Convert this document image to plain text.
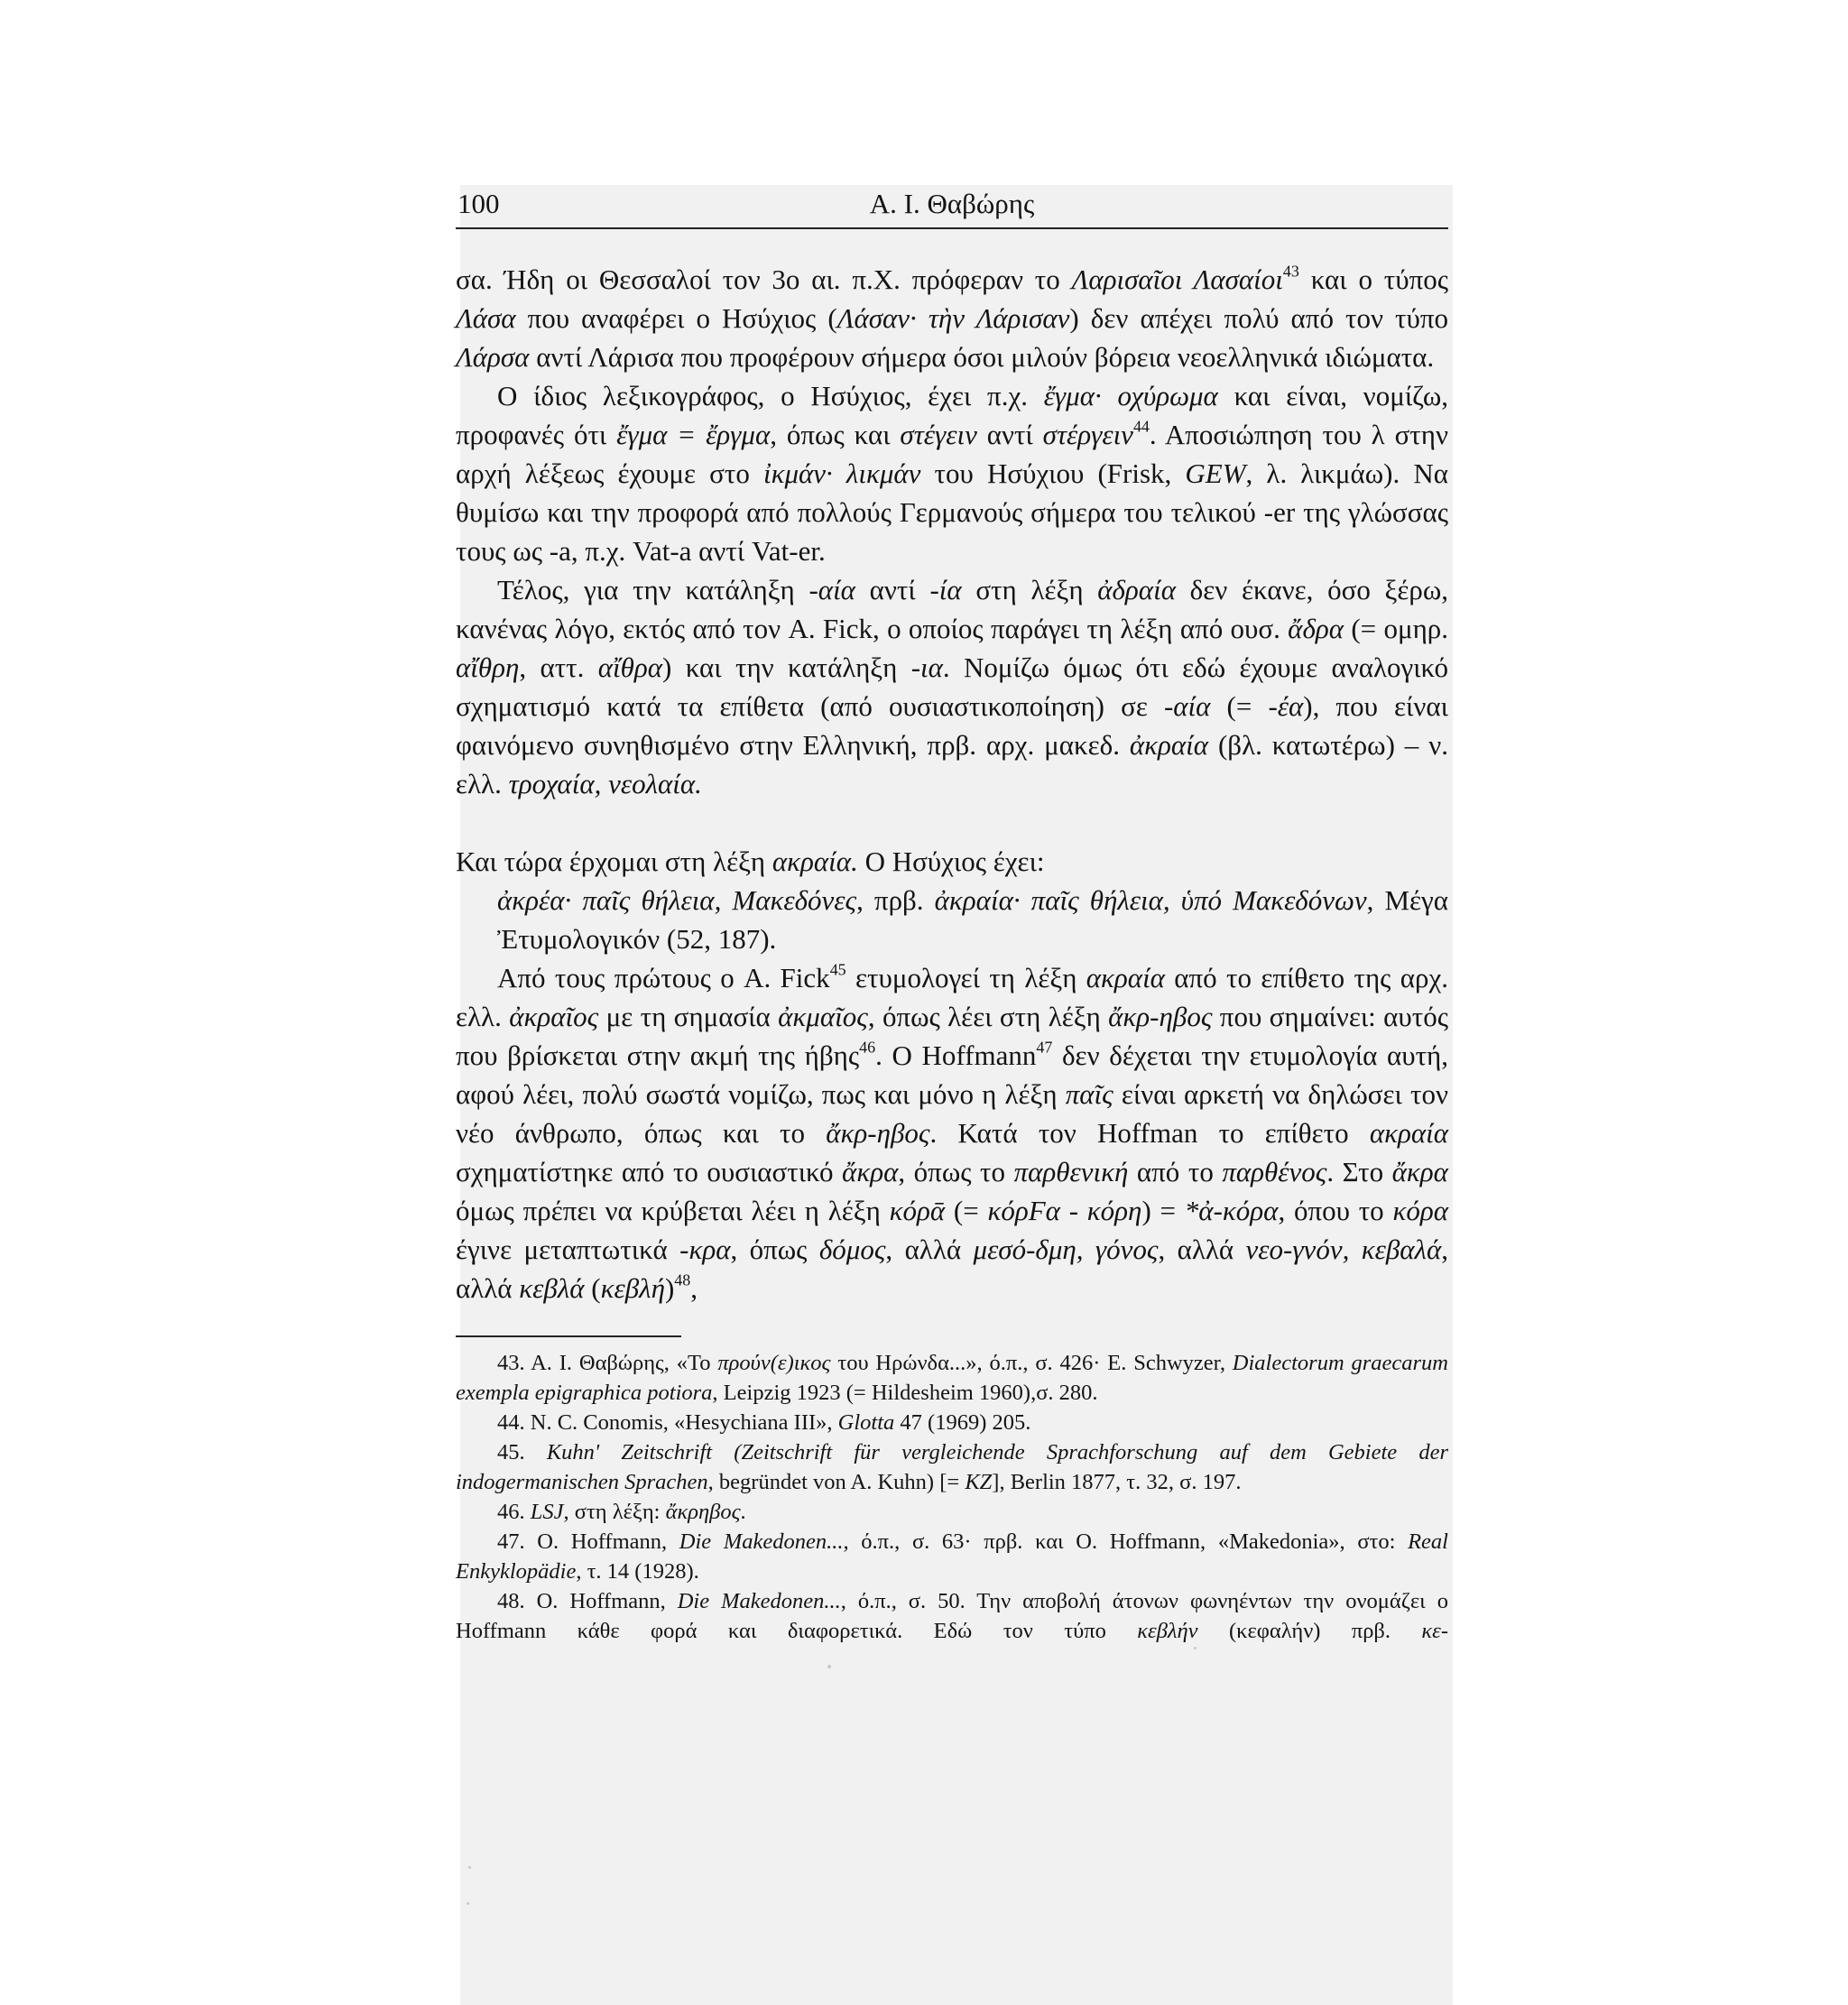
100	Α. Ι. Θαβώρης

σα. Ήδη οι Θεσσαλοί τον 3ο αι. π.Χ. πρόφεραν το Λαρισαῖοι Λασαίοι$^{43}$ και ο τύπος Λάσα που αναφέρει ο Ησύχιος (Λάσαν· τὴν Λάρισαν) δεν απέχει πολύ από τον τύπο Λάρσα αντί Λάρισα που προφέρουν σήμερα όσοι μιλούν βόρεια νεοελληνικά ιδιώματα.

Ο ίδιος λεξικογράφος, ο Ησύχιος, έχει π.χ. ἔγμα· οχύρωμα και είναι, νομίζω, προφανές ότι ἔγμα = ἔργμα, όπως και στέγειν αντί στέργειν$^{44}$. Αποσιώπηση του λ στην αρχή λέξεως έχουμε στο ἰκμάν· λικμάν του Ησύχιου (Frisk, GEW, λ. λικμάω). Να θυμίσω και την προφορά από πολλούς Γερμανούς σήμερα του τελικού -er της γλώσσας τους ως -a, π.χ. Vat-a αντί Vat-er.

Τέλος, για την κατάληξη -αία αντί -ία στη λέξη ἀδραία δεν έκανε, όσο ξέρω, κανένας λόγο, εκτός από τον A. Fick, ο οποίος παράγει τη λέξη από ουσ. ἄδρα (= ομηρ. αἴθρη, αττ. αἴθρα) και την κατάληξη -ια. Νομίζω όμως ότι εδώ έχουμε αναλογικό σχηματισμό κατά τα επίθετα (από ουσιαστικοποίηση) σε -αία (= -έα), που είναι φαινόμενο συνηθισμένο στην Ελληνική, πρβ. αρχ. μακεδ. ἀκραία (βλ. κατωτέρω) – ν. ελλ. τροχαία, νεολαία.

Και τώρα έρχομαι στη λέξη ακραία. Ο Ησύχιος έχει:

ἀκρέα· παῖς θήλεια, Μακεδόνες, πρβ. ἀκραία· παῖς θήλεια, ὑπό Μακεδόνων, Μέγα Ἐτυμολογικόν (52, 187).

Από τους πρώτους ο A. Fick$^{45}$ ετυμολογεί τη λέξη ακραία από το επίθετο της αρχ. ελλ. ἀκραῖος με τη σημασία ἀκμαῖος, όπως λέει στη λέξη ἄκρ-ηβος που σημαίνει: αυτός που βρίσκεται στην ακμή της ήβης$^{46}$. Ο Hoffmann$^{47}$ δεν δέχεται την ετυμολογία αυτή, αφού λέει, πολύ σωστά νομίζω, πως και μόνο η λέξη παῖς είναι αρκετή να δηλώσει τον νέο άνθρωπο, όπως και το ἄκρ-ηβος. Κατά τον Hoffman το επίθετο ακραία σχηματίστηκε από το ουσιαστικό ἄκρα, όπως το παρθενική από το παρθένος. Στο ἄκρα όμως πρέπει να κρύβεται λέει η λέξη κόρᾱ (= κόρϜα - κόρη) = *ἀ-κόρα, όπου το κόρα έγινε μεταπτωτικά -κρα, όπως δόμος, αλλά μεσό-δμη, γόνος, αλλά νεο-γνόν, κεβαλά, αλλά κεβλά $(\kappa\varepsilon\beta\lambda ή)^{48}$,

43. Α. Ι. Θαβώρης, «Το προύν(ε)ικος του Ηρώνδα...», ό.π., σ. 426· E. Schwyzer, Dialectorum graecarum exempla epigraphica potiora, Leipzig 1923 (= Hildesheim 1960),σ. 280.

44. N. C. Conomis, «Hesychiana III», Glotta 47 (1969) 205.

45. Kuhn' Zeitschrift (Zeitschrift für vergleichende Sprachforschung auf dem Gebiete der indogermanischen Sprachen, begründet von A. Kuhn) [= KZ], Berlin 1877, τ. 32, σ. 197.

46. LSJ, στη λέξη: ἄκρηβος.

47. O. Hoffmann, Die Makedonen..., ό.π., σ. 63· πρβ. και O. Hoffmann, «Makedonia», στο: Real Enkyklopädie, τ. 14 (1928).

48. O. Hoffmann, Die Makedonen..., ό.π., σ. 50. Την αποβολή άτονων φωνηέντων την ονομάζει ο Hoffmann κάθε φορά και διαφορετικά. Εδώ τον τύπο κεβλήν (κεφαλήν) πρβ. κε-
